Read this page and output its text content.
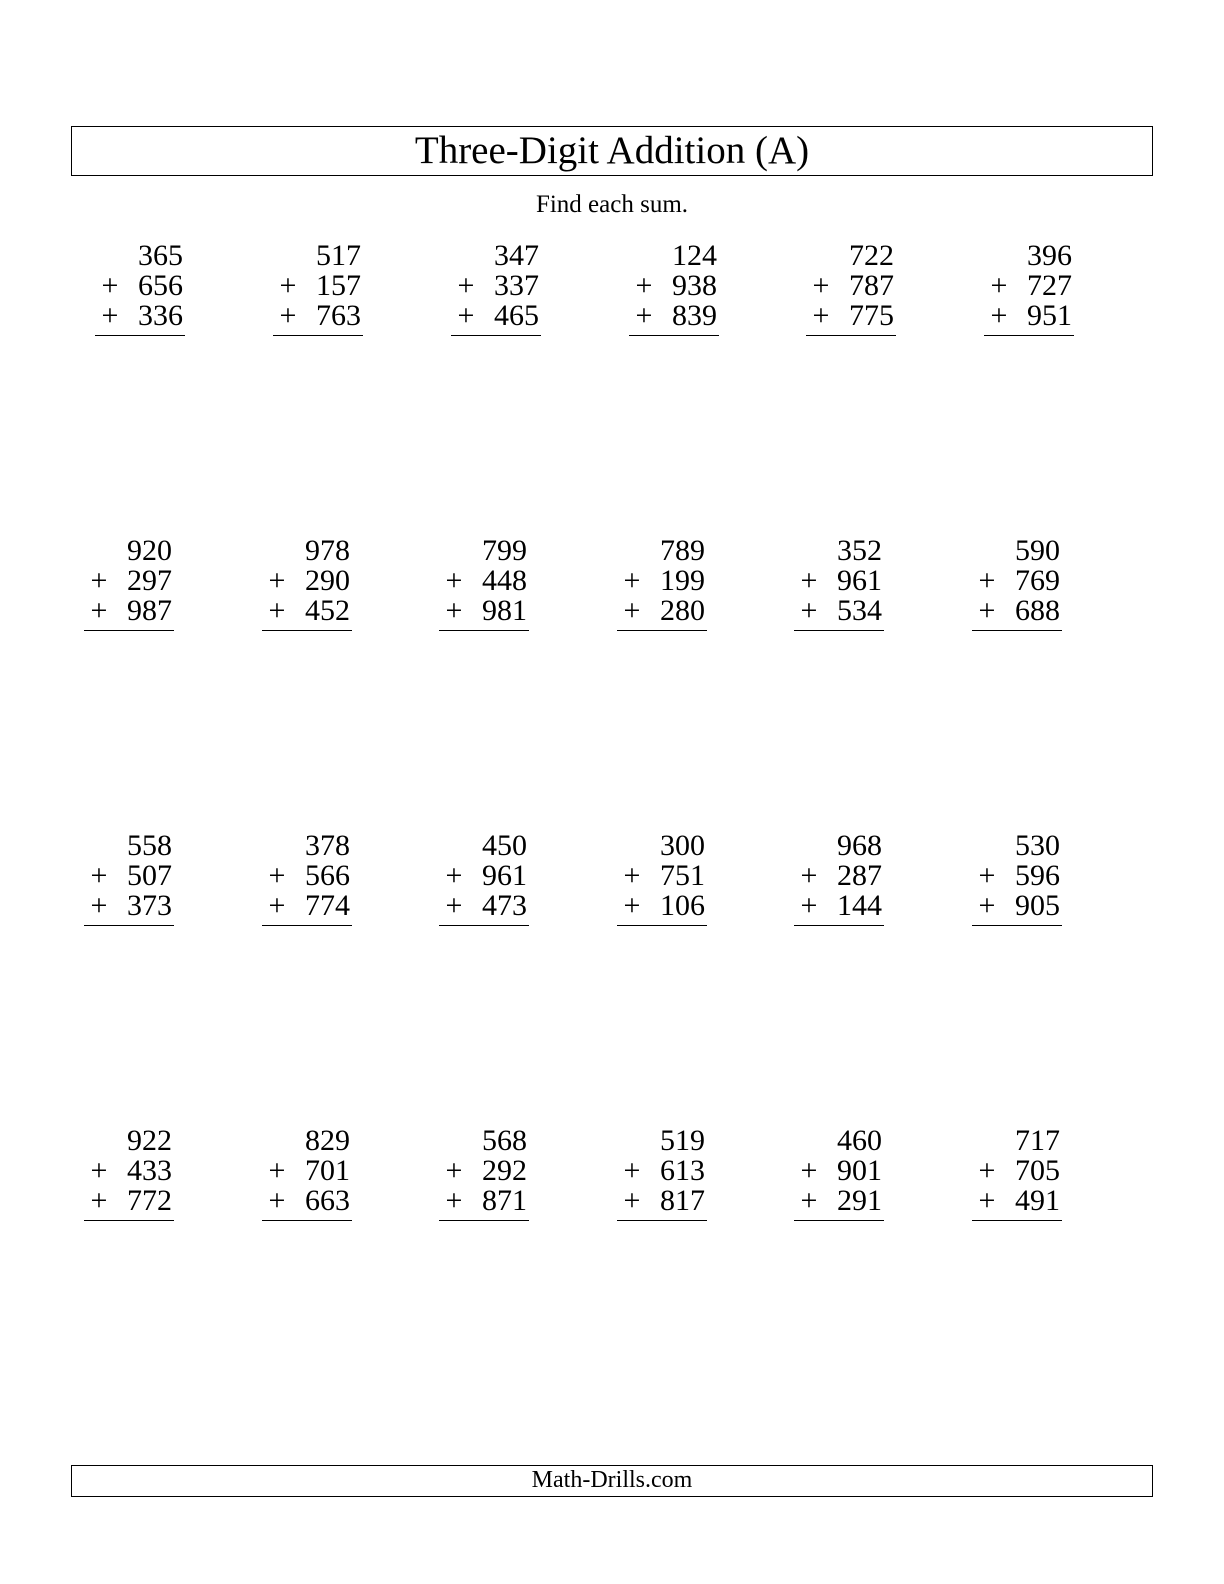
Three-Digit Addition (A)
Find each sum.
365
+ 656
+ 336
517
+ 157
+ 763
347
+ 337
+ 465
124
+ 938
+ 839
722
+ 787
+ 775
396
+ 727
+ 951
920
+ 297
+ 987
978
+ 290
+ 452
799
+ 448
+ 981
789
+ 199
+ 280
352
+ 961
+ 534
590
+ 769
+ 688
558
+ 507
+ 373
378
+ 566
+ 774
450
+ 961
+ 473
300
+ 751
+ 106
968
+ 287
+ 144
530
+ 596
+ 905
922
+ 433
+ 772
829
+ 701
+ 663
568
+ 292
+ 871
519
+ 613
+ 817
460
+ 901
+ 291
717
+ 705
+ 491
Math-Drills.com
